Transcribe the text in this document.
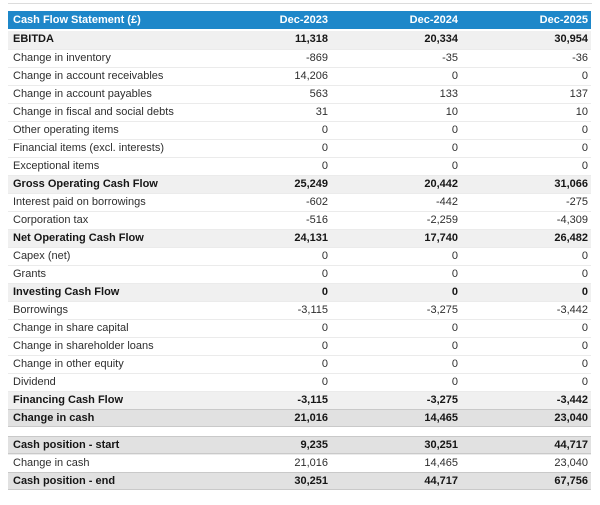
Cash Flow Statement (£)	Dec-2023	Dec-2024	Dec-2025
EBITDA	11,318	20,334	30,954
Change in inventory	-869	-35	-36
Change in account receivables	14,206	0	0
Change in account payables	563	133	137
Change in fiscal and social debts	31	10	10
Other operating items	0	0	0
Financial items (excl. interests)	0	0	0
Exceptional items	0	0	0
Gross Operating Cash Flow	25,249	20,442	31,066
Interest paid on borrowings	-602	-442	-275
Corporation tax	-516	-2,259	-4,309
Net Operating Cash Flow	24,131	17,740	26,482
Capex (net)	0	0	0
Grants	0	0	0
Investing Cash Flow	0	0	0
Borrowings	-3,115	-3,275	-3,442
Change in share capital	0	0	0
Change in shareholder loans	0	0	0
Change in other equity	0	0	0
Dividend	0	0	0
Financing Cash Flow	-3,115	-3,275	-3,442
Change in cash	21,016	14,465	23,040
Cash position - start	9,235	30,251	44,717
Change in cash	21,016	14,465	23,040
Cash position - end	30,251	44,717	67,756
